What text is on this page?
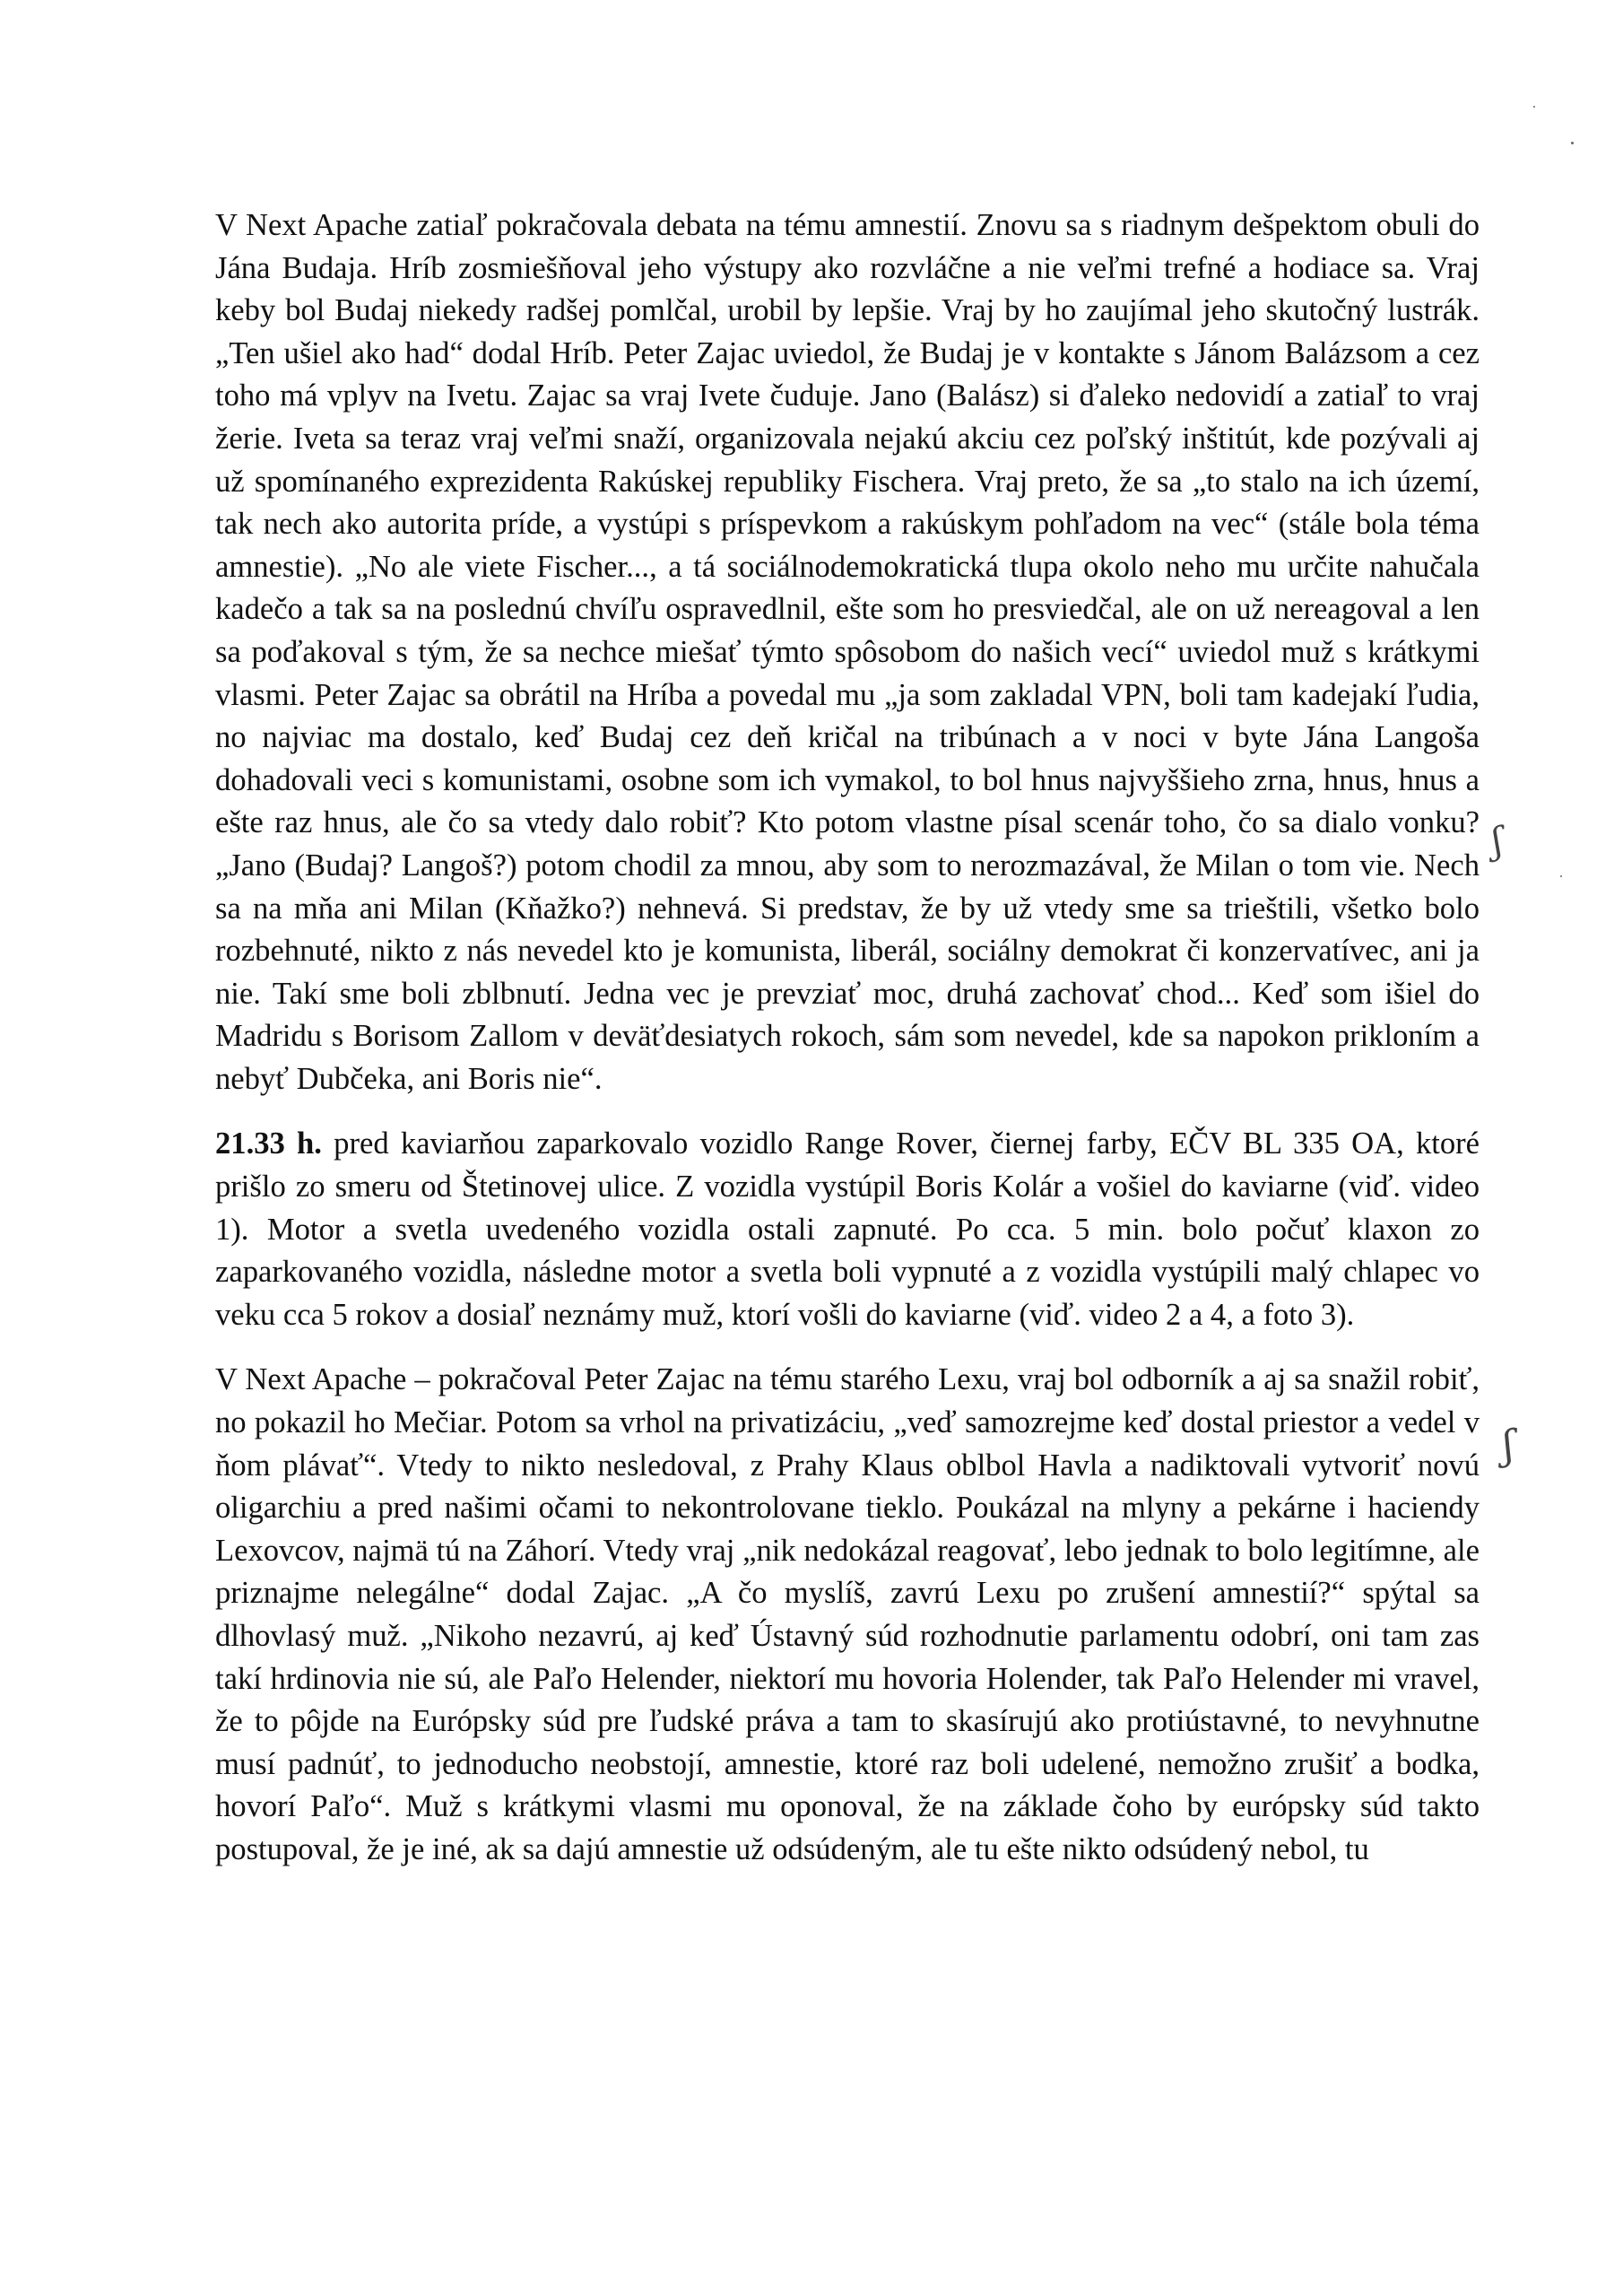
V Next Apache zatiaľ pokračovala debata na tému amnestií. Znovu sa s riadnym dešpektom obuli do Jána Budaja. Hríb zosmiešňoval jeho výstupy ako rozvláčne a nie veľmi trefné a hodiace sa. Vraj keby bol Budaj niekedy radšej pomlčal, urobil by lepšie. Vraj by ho zaujímal jeho skutočný lustrák. „Ten ušiel ako had“ dodal Hríb. Peter Zajac uviedol, že Budaj je v kontakte s Jánom Balázsom a cez toho má vplyv na Ivetu. Zajac sa vraj Ivete čuduje. Jano (Balász) si ďaleko nedovidí a zatiaľ to vraj žerie. Iveta sa teraz vraj veľmi snaží, organizovala nejakú akciu cez poľský inštitút, kde pozývali aj už spomínaného exprezidenta Rakúskej republiky Fischera. Vraj preto, že sa „to stalo na ich území, tak nech ako autorita príde, a vystúpi s príspevkom a rakúskym pohľadom na vec“ (stále bola téma amnestie). „No ale viete Fischer..., a tá sociálnodemokratická tlupa okolo neho mu určite nahučala kadečo a tak sa na poslednú chvíľu ospravedlnil, ešte som ho presviedčal, ale on už nereagoval a len sa poďakoval s tým, že sa nechce miešať týmto spôsobom do našich vecí“ uviedol muž s krátkymi vlasmi. Peter Zajac sa obrátil na Hríba a povedal mu „ja som zakladal VPN, boli tam kadejakí ľudia, no najviac ma dostalo, keď Budaj cez deň kričal na tribúnach a v noci v byte Jána Langoša dohadovali veci s komunistami, osobne som ich vymakol, to bol hnus najvyššieho zrna, hnus, hnus a ešte raz hnus, ale čo sa vtedy dalo robiť? Kto potom vlastne písal scenár toho, čo sa dialo vonku? „Jano (Budaj? Langoš?) potom chodil za mnou, aby som to nerozmazával, že Milan o tom vie. Nech sa na mňa ani Milan (Kňažko?) nehnevá. Si predstav, že by už vtedy sme sa trieštili, všetko bolo rozbehnuté, nikto z nás nevedel kto je komunista, liberál, sociálny demokrat či konzervatívec, ani ja nie. Takí sme boli zblbnutí. Jedna vec je prevziať moc, druhá zachovať chod... Keď som išiel do Madridu s Borisom Zallom v deväťdesiatych rokoch, sám som nevedel, kde sa napokon prikloním a nebyť Dubčeka, ani Boris nie“.

21.33 h. pred kaviarňou zaparkovalo vozidlo Range Rover, čiernej farby, EČV BL 335 OA, ktoré prišlo zo smeru od Štetinovej ulice. Z vozidla vystúpil Boris Kolár a vošiel do kaviarne (viď. video 1). Motor a svetla uvedeného vozidla ostali zapnuté. Po cca. 5 min. bolo počuť klaxon zo zaparkovaného vozidla, následne motor a svetla boli vypnuté a z vozidla vystúpili malý chlapec vo veku cca 5 rokov a dosiaľ neznámy muž, ktorí vošli do kaviarne (viď. video 2 a 4, a foto 3).

V Next Apache – pokračoval Peter Zajac na tému starého Lexu, vraj bol odborník a aj sa snažil robiť, no pokazil ho Mečiar. Potom sa vrhol na privatizáciu, „veď samozrejme keď dostal priestor a vedel v ňom plávať“. Vtedy to nikto nesledoval, z Prahy Klaus oblbol Havla a nadiktovali vytvoriť novú oligarchiu a pred našimi očami to nekontrolovane tieklo. Poukázal na mlyny a pekárne i haciendy Lexovcov, najmä tú na Záhorí. Vtedy vraj „nik nedokázal reagovať, lebo jednak to bolo legitímne, ale priznajme nelegálne“ dodal Zajac. „A čo myslíš, zavrú Lexu po zrušení amnestií?“ spýtal sa dlhovlasý muž. „Nikoho nezavrú, aj keď Ústavný súd rozhodnutie parlamentu odobrí, oni tam zas takí hrdinovia nie sú, ale Paľo Helender, niektorí mu hovoria Holender, tak Paľo Helender mi vravel, že to pôjde na Európsky súd pre ľudské práva a tam to skasírujú ako protiústavné, to nevyhnutne musí padnúť, to jednoducho neobstojí, amnestie, ktoré raz boli udelené, nemožno zrušiť a bodka, hovorí Paľo“. Muž s krátkymi vlasmi mu oponoval, že na základe čoho by európsky súd takto postupoval, že je iné, ak sa dajú amnestie už odsúdeným, ale tu ešte nikto odsúdený nebol, tu

ʃ
ʃ
